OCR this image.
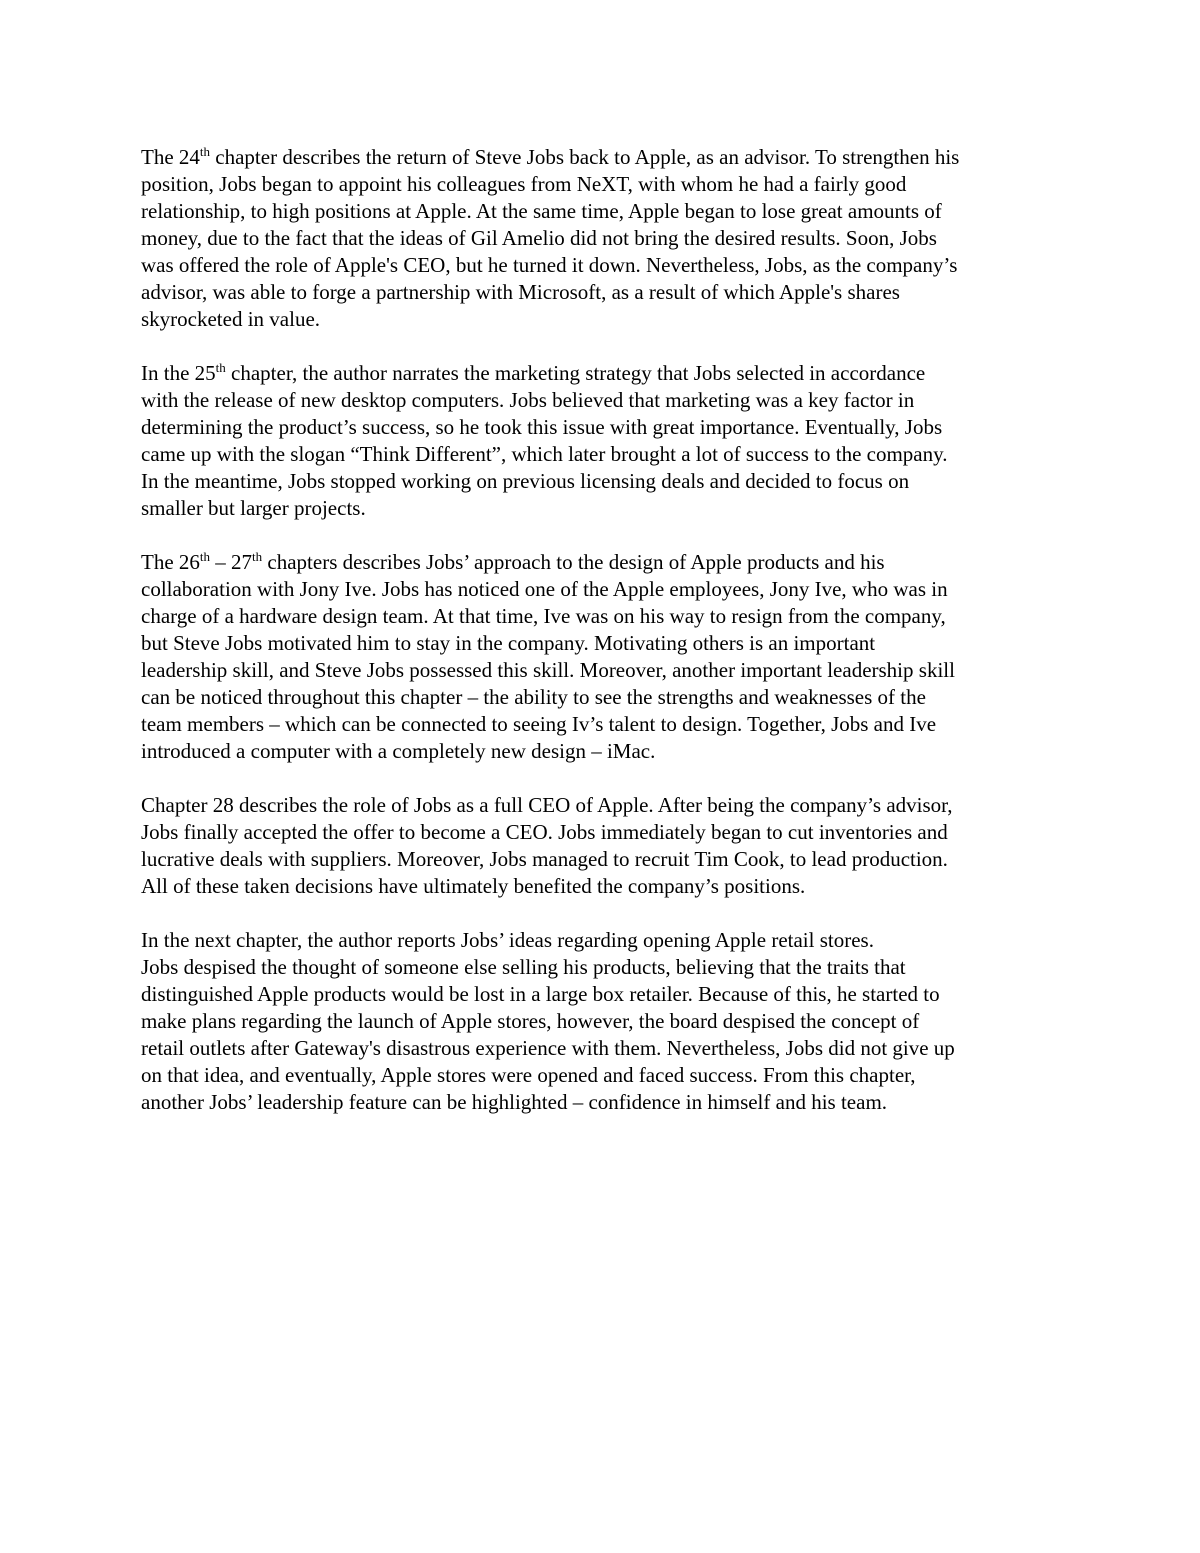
The 24th chapter describes the return of Steve Jobs back to Apple, as an advisor. To strengthen his
position, Jobs began to appoint his colleagues from NeXT, with whom he had a fairly good
relationship, to high positions at Apple. At the same time, Apple began to lose great amounts of
money, due to the fact that the ideas of Gil Amelio did not bring the desired results. Soon, Jobs
was offered the role of Apple's CEO, but he turned it down. Nevertheless, Jobs, as the company’s
advisor, was able to forge a partnership with Microsoft, as a result of which Apple's shares
skyrocketed in value.
In the 25th chapter, the author narrates the marketing strategy that Jobs selected in accordance
with the release of new desktop computers. Jobs believed that marketing was a key factor in
determining the product’s success, so he took this issue with great importance. Eventually, Jobs
came up with the slogan “Think Different”, which later brought a lot of success to the company.
In the meantime, Jobs stopped working on previous licensing deals and decided to focus on
smaller but larger projects.
The 26th – 27th chapters describes Jobs’ approach to the design of Apple products and his
collaboration with Jony Ive. Jobs has noticed one of the Apple employees, Jony Ive, who was in
charge of a hardware design team. At that time, Ive was on his way to resign from the company,
but Steve Jobs motivated him to stay in the company. Motivating others is an important
leadership skill, and Steve Jobs possessed this skill. Moreover, another important leadership skill
can be noticed throughout this chapter – the ability to see the strengths and weaknesses of the
team members – which can be connected to seeing Iv’s talent to design. Together, Jobs and Ive
introduced a computer with a completely new design – iMac.
Chapter 28 describes the role of Jobs as a full CEO of Apple. After being the company’s advisor,
Jobs finally accepted the offer to become a CEO. Jobs immediately began to cut inventories and
lucrative deals with suppliers. Moreover, Jobs managed to recruit Tim Cook, to lead production.
All of these taken decisions have ultimately benefited the company’s positions.
In the next chapter, the author reports Jobs’ ideas regarding opening Apple retail stores.
Jobs despised the thought of someone else selling his products, believing that the traits that
distinguished Apple products would be lost in a large box retailer. Because of this, he started to
make plans regarding the launch of Apple stores, however, the board despised the concept of
retail outlets after Gateway's disastrous experience with them. Nevertheless, Jobs did not give up
on that idea, and eventually, Apple stores were opened and faced success. From this chapter,
another Jobs’ leadership feature can be highlighted – confidence in himself and his team.
